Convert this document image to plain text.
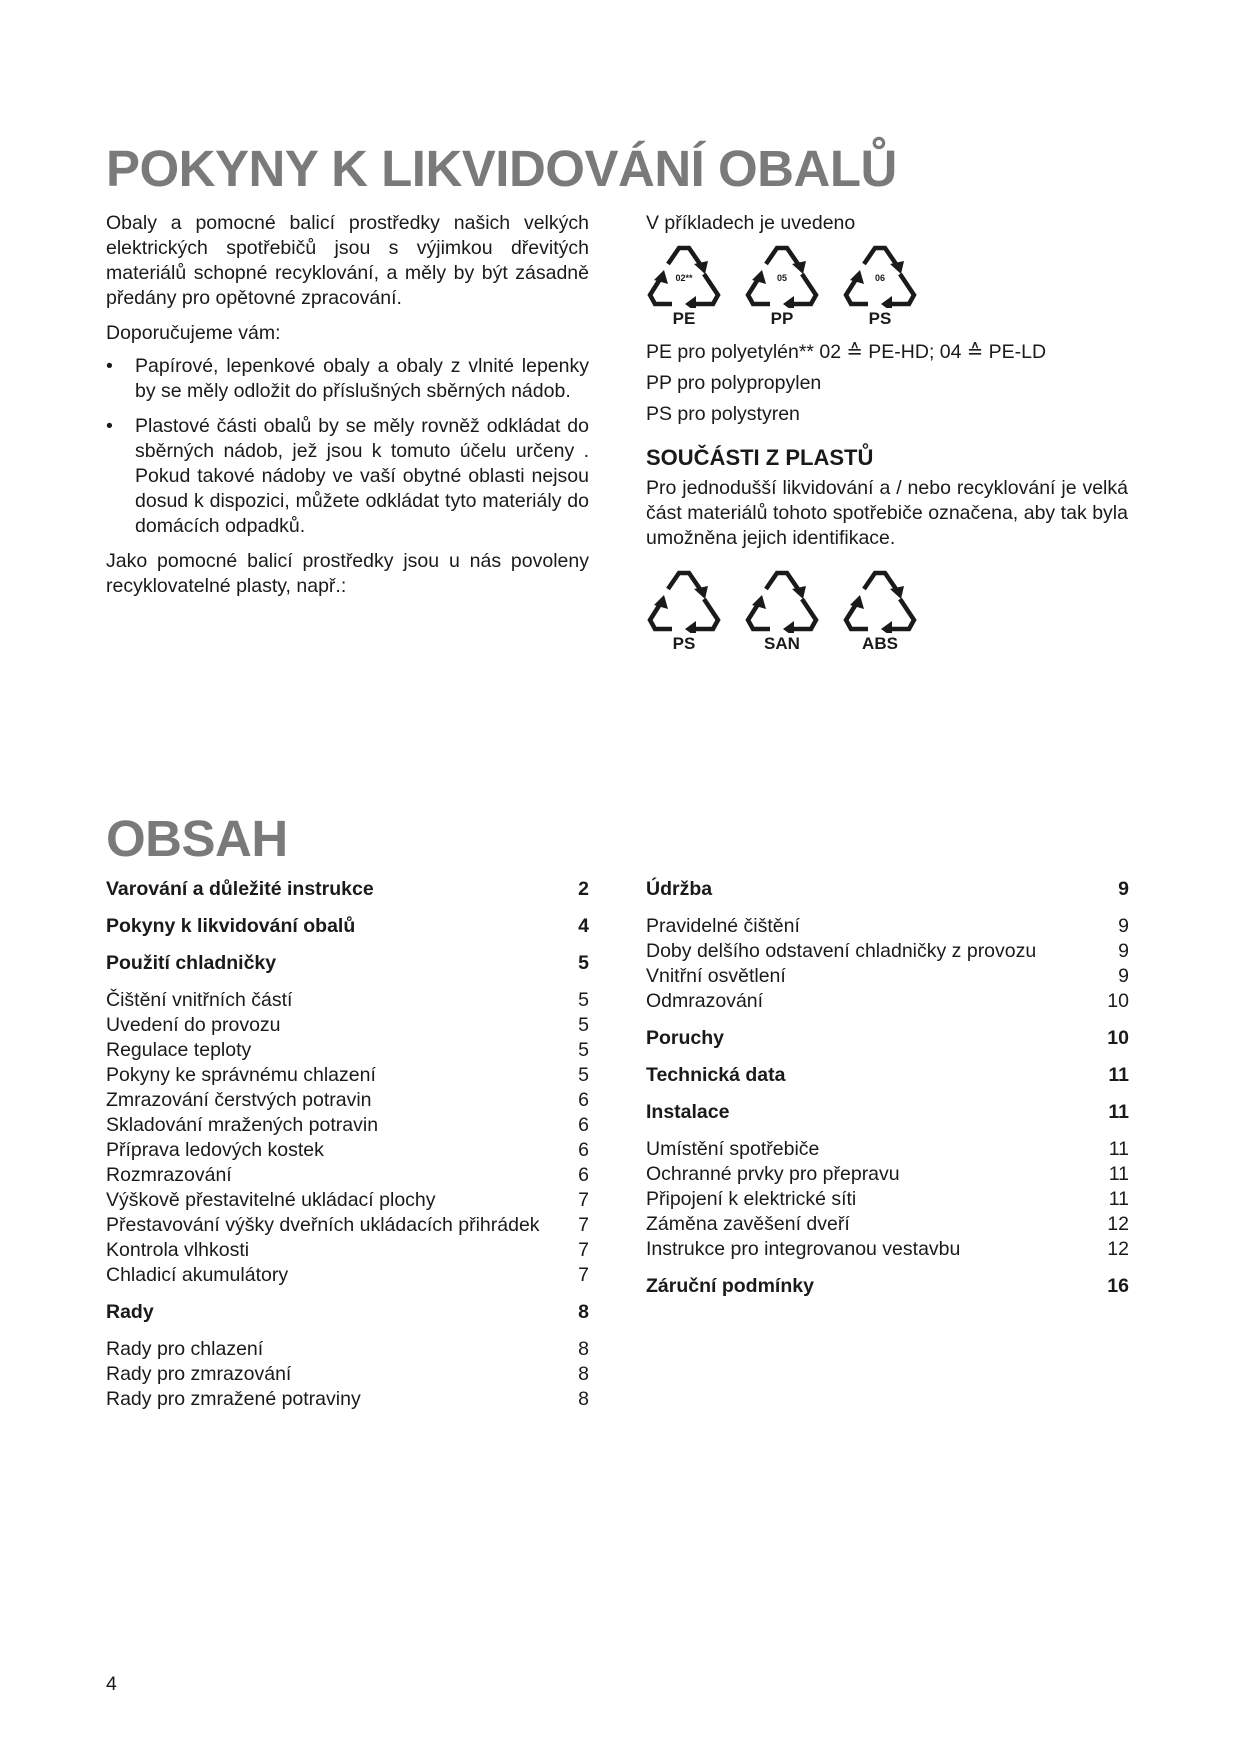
POKYNY K LIKVIDOVÁNÍ OBALŮ

Obaly a pomocné balicí prostředky našich velkých elektrických spotřebičů jsou s výjimkou dřevitých materiálů schopné recyklování, a měly by být zásadně předány pro opětovné zpracování.

Doporučujeme vám:

• Papírové, lepenkové obaly a obaly z vlnité lepenky by se měly odložit do příslušných sběrných nádob.
• Plastové části obalů by se měly rovněž odkládat do sběrných nádob, jež jsou k tomuto účelu určeny . Pokud takové nádoby ve vaší obytné oblasti nejsou dosud k dispozici, můžete odkládat tyto materiály do domácích odpadků.

Jako pomocné balicí prostředky jsou u nás povoleny recyklovatelné plasty, např.:

V příkladech je uvedeno
02**
PE
05
PP
06
PS
PE pro polyetylén** 02 ≙ PE-HD; 04 ≙ PE-LD
PP pro polypropylen
PS pro polystyren
SOUČÁSTI Z PLASTŮ

Pro jednodušší likvidování a / nebo recyklování je velká část materiálů tohoto spotřebiče označena, aby tak byla umožněna jejich identifikace.

PS	SAN	ABS
OBSAH
Varování a důležité instrukce	2
Pokyny k likvidování obalů	4
Použití chladničky	5
Čištění vnitřních částí	5
Uvedení do provozu	5
Regulace teploty	5
Pokyny ke správnému chlazení	5
Zmrazování čerstvých potravin	6
Skladování mražených potravin	6
Příprava ledových kostek	6
Rozmrazování	6
Výškově přestavitelné ukládací plochy	7
Přestavování výšky dveřních ukládacích přihrádek 7
Kontrola vlhkosti	7
Chladicí akumulátory	7
Rady	8
Rady pro chlazení	8
Rady pro zmrazování	8
Rady pro zmražené potraviny	8
Údržba	9
Pravidelné čištění	9
Doby delšího odstavení chladničky z provozu	9
Vnitřní osvětlení	9
Odmrazování	10
Poruchy	10
Technická data	11
Instalace	11
Umístění spotřebiče	11
Ochranné prvky pro přepravu	11
Připojení k elektrické síti	11
Záměna zavěšení dveří	12
Instrukce pro integrovanou vestavbu	12
Záruční podmínky	16
4
